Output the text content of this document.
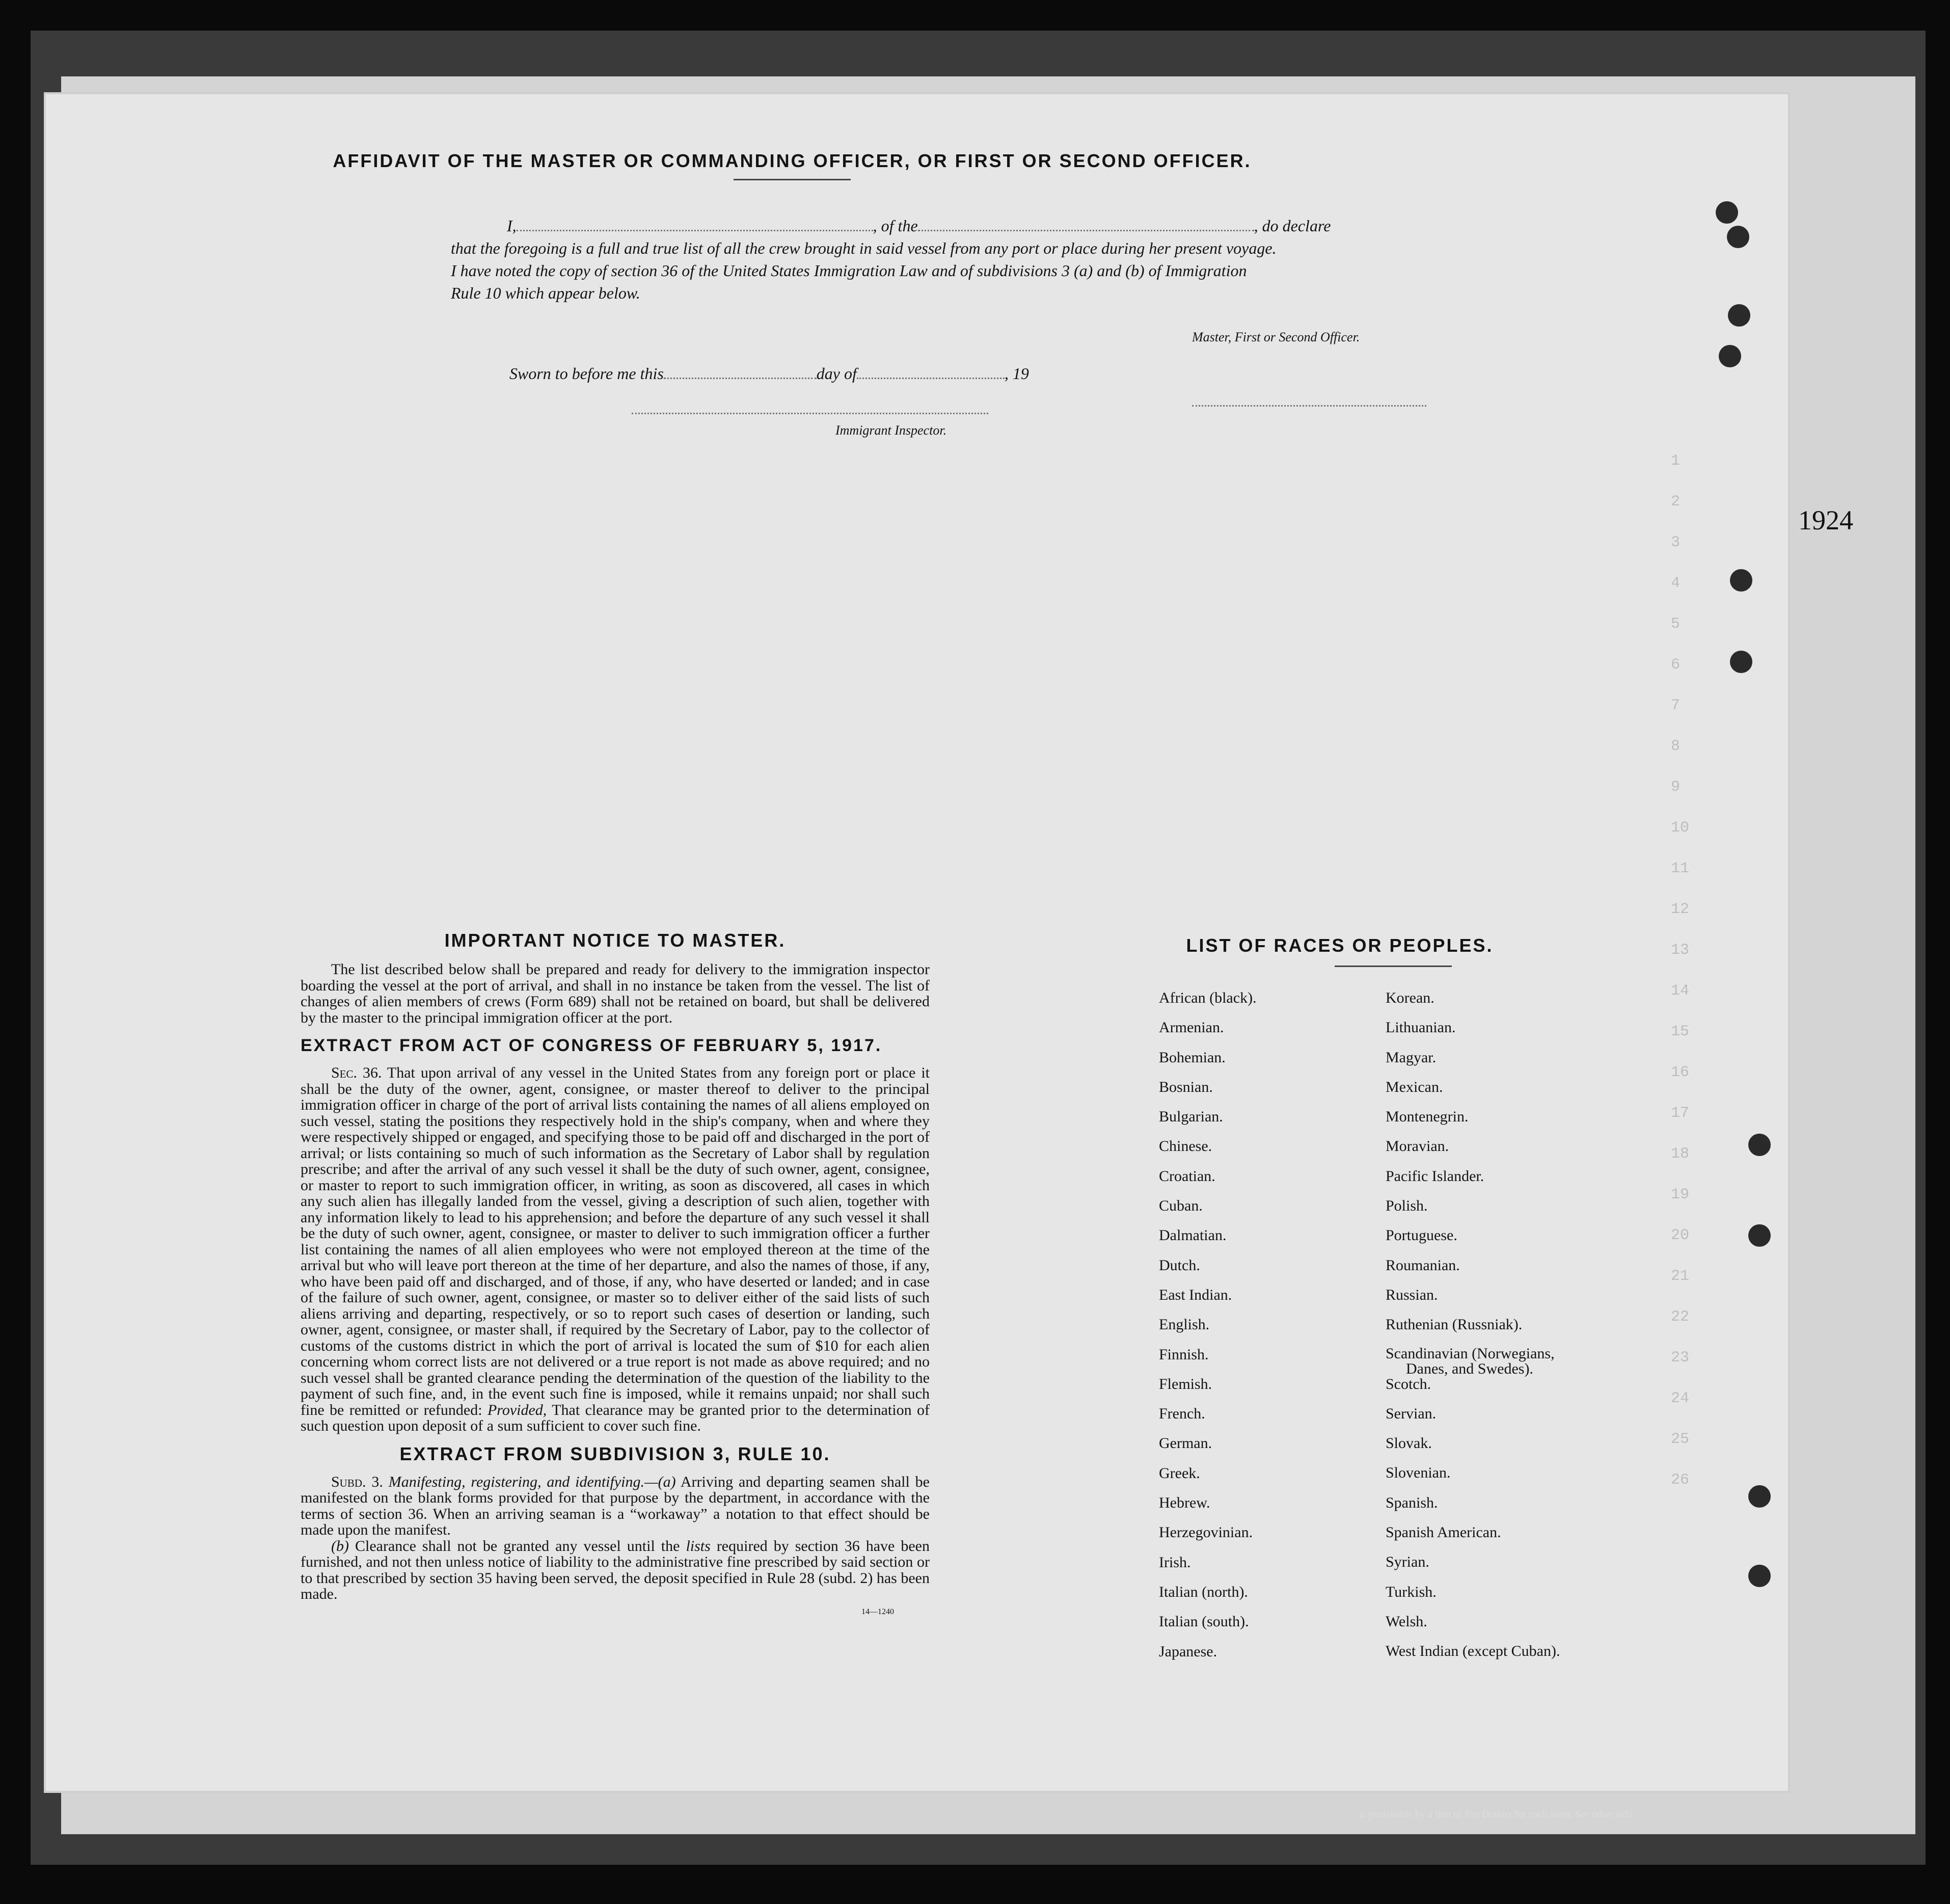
1924
1
2
3
4
5
6
7
8
9
10
11
12
13
14
15
16
17
18
19
20
21
22
23
24
25
26
AFFIDAVIT OF THE MASTER OR COMMANDING OFFICER, OR FIRST OR SECOND OFFICER.
I,	, of the	, do declare
that the foregoing is a full and true list of all the crew brought in said vessel from any port or place during her present voyage.
I have noted the copy of section 36 of the United States Immigration Law and of subdivisions 3 (a) and (b) of Immigration
Rule 10 which appear below.
Master, First or Second Officer.
Sworn to before me this	day of	, 19
Immigrant Inspector.
IMPORTANT NOTICE TO MASTER.

The list described below shall be prepared and ready for delivery to the immigration inspector boarding the vessel at the port of arrival, and shall in no instance be taken from the vessel. The list of changes of alien members of crews (Form 689) shall not be retained on board, but shall be delivered by the master to the principal immigration officer at the port.

EXTRACT FROM ACT OF CONGRESS OF FEBRUARY 5, 1917.

Sec. 36. That upon arrival of any vessel in the United States from any foreign port or place it shall be the duty of the owner, agent, consignee, or master thereof to deliver to the principal immigration officer in charge of the port of arrival lists containing the names of all aliens employed on such vessel, stating the positions they respectively hold in the ship's company, when and where they were respectively shipped or engaged, and specifying those to be paid off and discharged in the port of arrival; or lists containing so much of such information as the Secretary of Labor shall by regulation prescribe; and after the arrival of any such vessel it shall be the duty of such owner, agent, consignee, or master to report to such immigration officer, in writing, as soon as discovered, all cases in which any such alien has illegally landed from the vessel, giving a description of such alien, together with any information likely to lead to his apprehension; and before the departure of any such vessel it shall be the duty of such owner, agent, consignee, or master to deliver to such immigration officer a further list containing the names of all alien employees who were not employed thereon at the time of the arrival but who will leave port thereon at the time of her departure, and also the names of those, if any, who have been paid off and discharged, and of those, if any, who have deserted or landed; and in case of the failure of such owner, agent, consignee, or master so to deliver either of the said lists of such aliens arriving and departing, respectively, or so to report such cases of desertion or landing, such owner, agent, consignee, or master shall, if required by the Secretary of Labor, pay to the collector of customs of the customs district in which the port of arrival is located the sum of $10 for each alien concerning whom correct lists are not delivered or a true report is not made as above required; and no such vessel shall be granted clearance pending the determination of the question of the liability to the payment of such fine, and, in the event such fine is imposed, while it remains unpaid; nor shall such fine be remitted or refunded: Provided, That clearance may be granted prior to the determination of such question upon deposit of a sum sufficient to cover such fine.

EXTRACT FROM SUBDIVISION 3, RULE 10.

Subd. 3. Manifesting, registering, and identifying.—(a) Arriving and departing seamen shall be manifested on the blank forms provided for that purpose by the department, in accordance with the terms of section 36. When an arriving seaman is a “workaway” a notation to that effect should be made upon the manifest.

(b) Clearance shall not be granted any vessel until the lists required by section 36 have been furnished, and not then unless notice of liability to the administrative fine prescribed by said section or to that prescribed by section 35 having been served, the deposit specified in Rule 28 (subd. 2) has been made.

14—1240
LIST OF RACES OR PEOPLES.
African (black).
Armenian.
Bohemian.
Bosnian.
Bulgarian.
Chinese.
Croatian.
Cuban.
Dalmatian.
Dutch.
East Indian.
English.
Finnish.
Flemish.
French.
German.
Greek.
Hebrew.
Herzegovinian.
Irish.
Italian (north).
Italian (south).
Japanese.
Korean.
Lithuanian.
Magyar.
Mexican.
Montenegrin.
Moravian.
Pacific Islander.
Polish.
Portuguese.
Roumanian.
Russian.
Ruthenian (Russniak).
Scandinavian (Norwegians,
Danes, and Swedes).
Scotch.
Servian.
Slovak.
Slovenian.
Spanish.
Spanish American.
Syrian.
Turkish.
Welsh.
West Indian (except Cuban).
is punishable by a fine of Ten Dollars for each alien. See other side.
